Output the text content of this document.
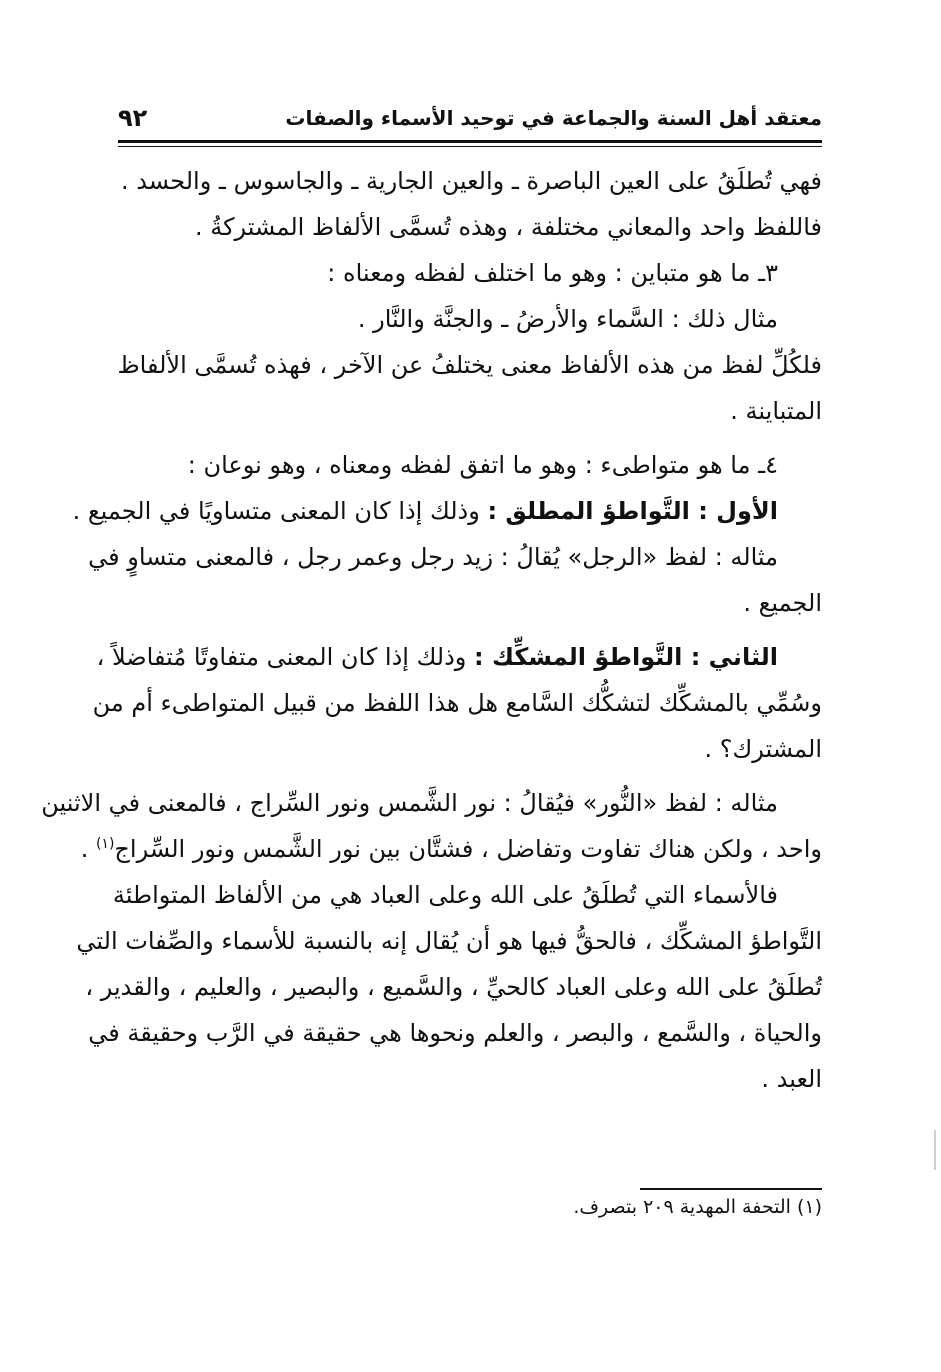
٩٢	معتقد أهل السنة والجماعة في توحيد الأسماء والصفات
فهي تُطلَقُ على العين الباصرة ـ والعين الجارية ـ والجاسوس ـ والحسد .
فاللفظ واحد والمعاني مختلفة ، وهذه تُسمَّى الألفاظ المشتركةُ .
٣ـ ما هو متباين : وهو ما اختلف لفظه ومعناه :
مثال ذلك : السَّماء والأرضُ ـ والجنَّة والنَّار .
فلكُلِّ لفظ من هذه الألفاظ معنى يختلفُ عن الآخر ، فهذه تُسمَّى الألفاظ
المتباينة .
٤ـ ما هو متواطىء : وهو ما اتفق لفظه ومعناه ، وهو نوعان :
الأول : التَّواطؤ المطلق : وذلك إذا كان المعنى متساويًا في الجميع .
مثاله : لفظ «الرجل» يُقالُ : زيد رجل وعمر رجل ، فالمعنى متساوٍ في
الجميع .
الثاني : التَّواطؤ المشكِّك : وذلك إذا كان المعنى متفاوتًا مُتفاضلاً ،
وسُمِّي بالمشكِّك لتشكُّك السَّامع هل هذا اللفظ من قبيل المتواطىء أم من
المشترك؟ .
مثاله : لفظ «النُّور» فيُقالُ : نور الشَّمس ونور السِّراج ، فالمعنى في الاثنين
واحد ، ولكن هناك تفاوت وتفاضل ، فشتَّان بين نور الشَّمس ونور السِّراج$^{(١)}$ .
فالأسماء التي تُطلَقُ على الله وعلى العباد هي من الألفاظ المتواطئة
التَّواطؤ المشكِّك ، فالحقُّ فيها هو أن يُقال إنه بالنسبة للأسماء والصِّفات التي
تُطلَقُ على الله وعلى العباد كالحيِّ ، والسَّميع ، والبصير ، والعليم ، والقدير ،
والحياة ، والسَّمع ، والبصر ، والعلم ونحوها هي حقيقة في الرَّب وحقيقة في
العبد .
(١) التحفة المهدية ٢٠٩ بتصرف.
